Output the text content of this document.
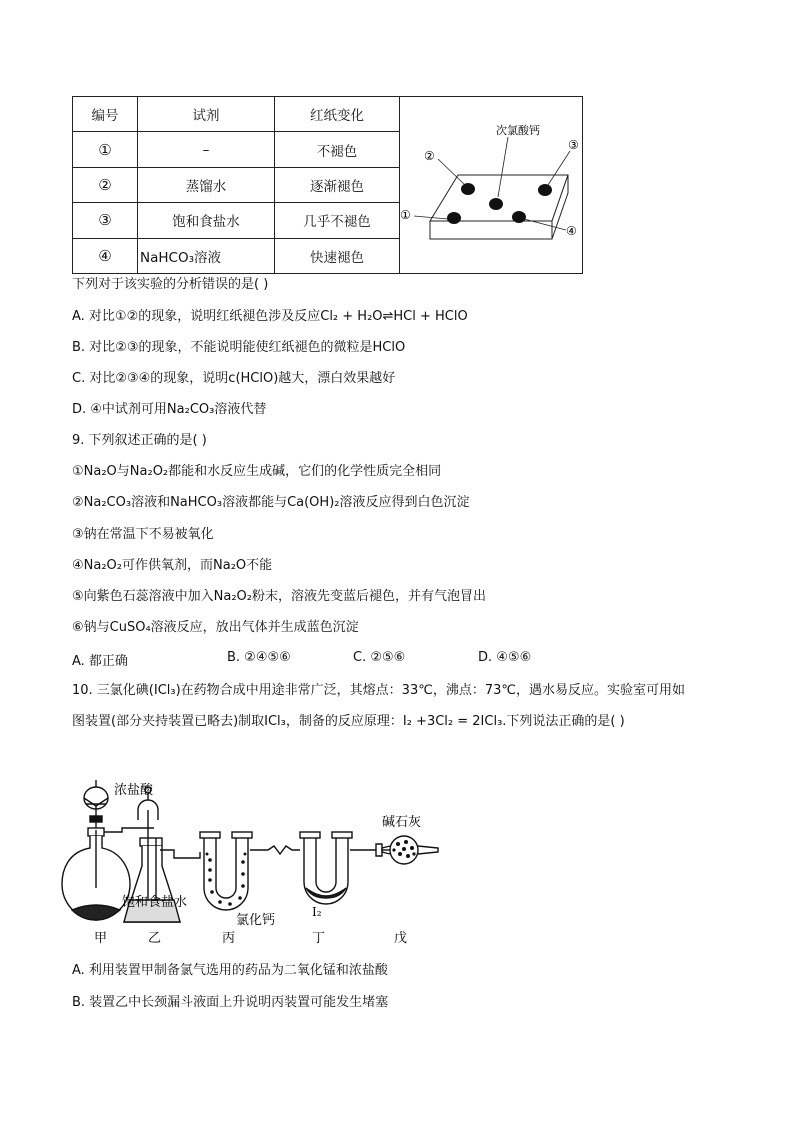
编号	试剂	红纸变化	次氯酸钙
②
③
①
④

①	–	不褪色	
②	蒸馏水	逐渐褪色	
③	饱和食盐水	几乎不褪色	
④	NaHCO₃溶液	快速褪色	
下列对于该实验的分析错误的是( )
A. 对比①②的现象，说明红纸褪色涉及反应Cl₂ + H₂O⇌HCl + HClO
B. 对比②③的现象，不能说明能使红纸褪色的微粒是HClO
C. 对比②③④的现象，说明c(HClO)越大，漂白效果越好
D. ④中试剂可用Na₂CO₃溶液代替
9. 下列叙述正确的是( )
①Na₂O与Na₂O₂都能和水反应生成碱，它们的化学性质完全相同
②Na₂CO₃溶液和NaHCO₃溶液都能与Ca(OH)₂溶液反应得到白色沉淀
③钠在常温下不易被氧化
④Na₂O₂可作供氧剂，而Na₂O不能
⑤向紫色石蕊溶液中加入Na₂O₂粉末，溶液先变蓝后褪色，并有气泡冒出
⑥钠与CuSO₄溶液反应，放出气体并生成蓝色沉淀
A. 都正确	B. ②④⑤⑥	C. ②⑤⑥	D. ④⑤⑥
10. 三氯化碘(ICl₃)在药物合成中用途非常广泛，其熔点：33℃，沸点：73℃，遇水易反应。实验室可用如
图装置(部分夹持装置已略去)制取ICl₃，制备的反应原理：I₂ +3Cl₂ = 2ICl₃.下列说法正确的是( )
浓盐酸
饱和食盐水
氯化钙
I₂
碱石灰
甲	乙	丙	丁	戊
A. 利用装置甲制备氯气选用的药品为二氧化锰和浓盐酸
B. 装置乙中长颈漏斗液面上升说明丙装置可能发生堵塞
